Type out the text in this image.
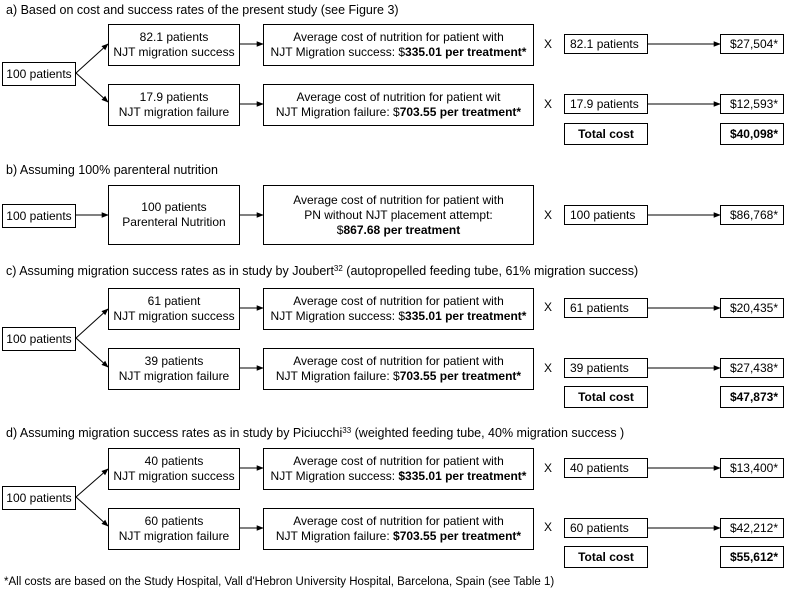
a) Based on cost and success rates of the present study (see Figure 3)
100 patients
82.1 patients
NJT migration success
17.9 patients
NJT migration failure
Average cost of nutrition for patient with
NJT Migration success: $335.01 per treatment*
Average cost of nutrition for patient wit
NJT Migration failure: $703.55 per treatment*
X
X
82.1 patients
17.9 patients
$27,504*
$12,593*
Total cost	$40,098*
b) Assuming 100% parenteral nutrition
100 patients
100 patients
Parenteral Nutrition
Average cost of nutrition for patient with
PN without NJT placement attempt:
$867.68 per treatment
X 100 patients	$86,768*
c) Assuming migration success rates as in study by Joubert$^{32}$ (autopropelled feeding tube, 61% migration success)
100 patients
61 patient
NJT migration success
39 patients
NJT migration failure
Average cost of nutrition for patient with
NJT Migration success: $335.01 per treatment*
Average cost of nutrition for patient with
NJT Migration failure: $703.55 per treatment*
X
X
61 patients
39 patients
$20,435*
$27,438*
Total cost	$47,873*
d) Assuming migration success rates as in study by Piciucchi$^{33}$ (weighted feeding tube, 40% migration success )
100 patients
40 patients
NJT migration success
60 patients
NJT migration failure
Average cost of nutrition for patient with
NJT Migration success: $335.01 per treatment*
Average cost of nutrition for patient with
NJT Migration failure: $703.55 per treatment*
X
X
40 patients
60 patients
$13,400*
$42,212*
Total cost	$55,612*
*All costs are based on the Study Hospital, Vall d'Hebron University Hospital, Barcelona, Spain (see Table 1)
